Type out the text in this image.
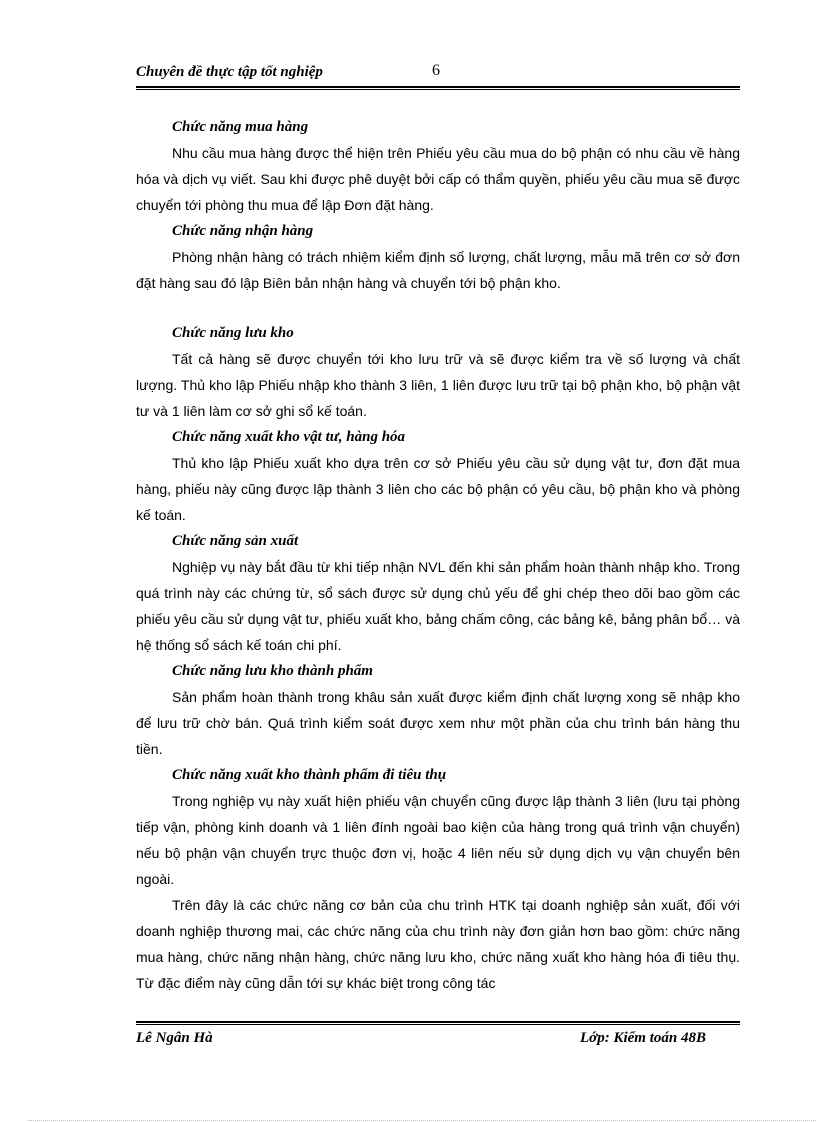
Chuyên đề thực tập tốt nghiệp	6

Chức năng mua hàng

Nhu cầu mua hàng được thể hiện trên Phiếu yêu cầu mua do bộ phận có nhu cầu về hàng hóa và dịch vụ viết. Sau khi được phê duyệt bởi cấp có thẩm quyền, phiếu yêu cầu mua sẽ được chuyển tới phòng thu mua để lập Đơn đặt hàng.

Chức năng nhận hàng

Phòng nhận hàng có trách nhiệm kiểm định số lượng, chất lượng, mẫu mã trên cơ sở đơn đặt hàng sau đó lập Biên bản nhận hàng và chuyển tới bộ phận kho.

Chức năng lưu kho

Tất cả hàng sẽ được chuyển tới kho lưu trữ và sẽ được kiểm tra về số lượng và chất lượng. Thủ kho lập Phiếu nhập kho thành 3 liên, 1 liên được lưu trữ tại bộ phận kho, bộ phận vật tư và 1 liên làm cơ sở ghi sổ kế toán.

Chức năng xuất kho vật tư, hàng hóa

Thủ kho lập Phiếu xuất kho dựa trên cơ sở Phiếu yêu cầu sử dụng vật tư, đơn đặt mua hàng, phiếu này cũng được lập thành 3 liên cho các bộ phận có yêu cầu, bộ phận kho và phòng kế toán.

Chức năng sản xuất

Nghiệp vụ này bắt đầu từ khi tiếp nhận NVL đến khi sản phẩm hoàn thành nhập kho. Trong quá trình này các chứng từ, sổ sách được sử dụng chủ yếu để ghi chép theo dõi bao gồm các phiếu yêu cầu sử dụng vật tư, phiếu xuất kho, bảng chấm công, các bảng kê, bảng phân bổ… và hệ thống sổ sách kế toán chi phí.

Chức năng lưu kho thành phẩm

Sản phẩm hoàn thành trong khâu sản xuất được kiểm định chất lượng xong sẽ nhập kho để lưu trữ chờ bán. Quá trình kiểm soát được xem như một phần của chu trình bán hàng thu tiền.

Chức năng xuất kho thành phẩm đi tiêu thụ

Trong nghiệp vụ này xuất hiện phiếu vận chuyển cũng được lập thành 3 liên (lưu tại phòng tiếp vận, phòng kinh doanh và 1 liên đính ngoài bao kiện của hàng trong quá trình vận chuyển) nếu bộ phận vận chuyển trực thuộc đơn vị, hoặc 4 liên nếu sử dụng dịch vụ vận chuyển bên ngoài.

Trên đây là các chức năng cơ bản của chu trình HTK tại doanh nghiệp sản xuất, đối với doanh nghiệp thương mai, các chức năng của chu trình này đơn giản hơn bao gồm: chức năng mua hàng, chức năng nhận hàng, chức năng lưu kho, chức năng xuất kho hàng hóa đi tiêu thụ. Từ đặc điểm này cũng dẫn tới sự khác biệt trong công tác

Lê Ngân Hà	Lớp: Kiểm toán 48B
